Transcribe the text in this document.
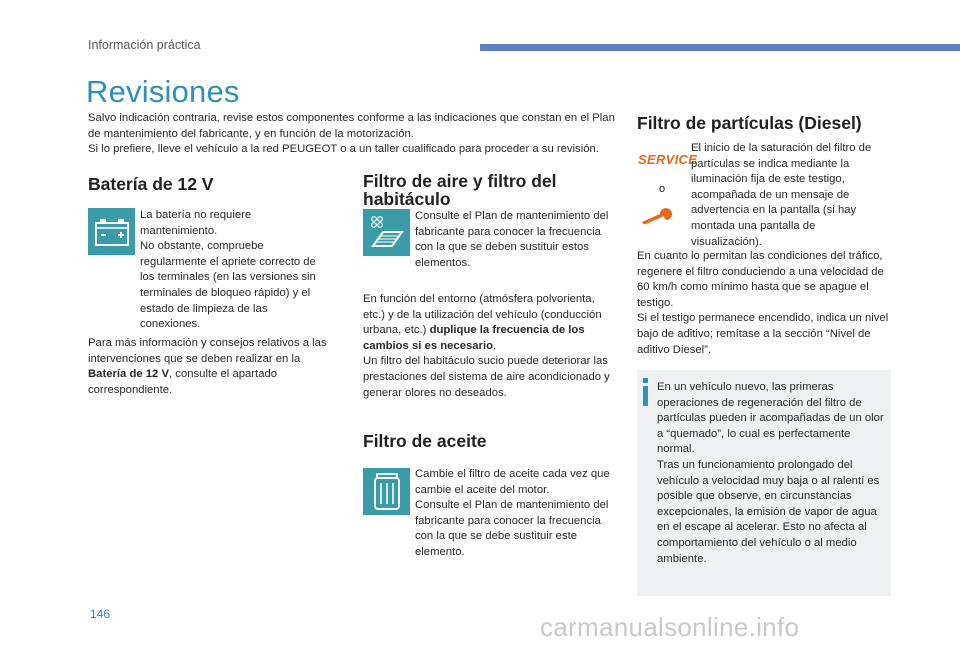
Información práctica
Revisiones

Salvo indicación contraria, revise estos componentes conforme a las indicaciones que constan en el Plan de mantenimiento del fabricante, y en función de la motorización.

Si lo prefiere, lleve el vehículo a la red PEUGEOT o a un taller cualificado para proceder a su revisión.

Batería de 12 V

La batería no requiere mantenimiento.

No obstante, compruebe regularmente el apriete correcto de los terminales (en las versiones sin terminales de bloqueo rápido) y el estado de limpieza de las conexiones.

Para más información y consejos relativos a las intervenciones que se deben realizar en la Batería de 12 V, consulte el apartado correspondiente.
Filtro de aire y filtro del habitáculo
Consulte el Plan de mantenimiento del fabricante para conocer la frecuencia con la que se deben sustituir estos elementos.
En función del entorno (atmósfera polvorienta, etc.) y de la utilización del vehículo (conducción urbana, etc.) duplique la frecuencia de los cambios si es necesario.

Un filtro del habitáculo sucio puede deteriorar las prestaciones del sistema de aire acondicionado y generar olores no deseados.

Filtro de aceite

Cambie el filtro de aceite cada vez que cambie el aceite del motor.

Consulte el Plan de mantenimiento del fabricante para conocer la frecuencia con la que se debe sustituir este elemento.

Filtro de partículas (Diesel)
SERVICE
o
El inicio de la saturación del filtro de partículas se indica mediante la iluminación fija de este testigo, acompañada de un mensaje de advertencia en la pantalla (si hay montada una pantalla de visualización).

En cuanto lo permitan las condiciones del tráfico, regenere el filtro conduciendo a una velocidad de 60 km/h como mínimo hasta que se apague el testigo.

Si el testigo permanece encendido, indica un nivel bajo de aditivo; remítase a la sección “Nivel de aditivo Diesel”.

En un vehículo nuevo, las primeras operaciones de regeneración del filtro de partículas pueden ir acompañadas de un olor a “quemado”, lo cual es perfectamente normal.

Tras un funcionamiento prolongado del vehículo a velocidad muy baja o al ralentí es posible que observe, en circunstancias excepcionales, la emisión de vapor de agua en el escape al acelerar. Esto no afecta al comportamiento del vehículo o al medio ambiente.

146	carmanualsonline.info
